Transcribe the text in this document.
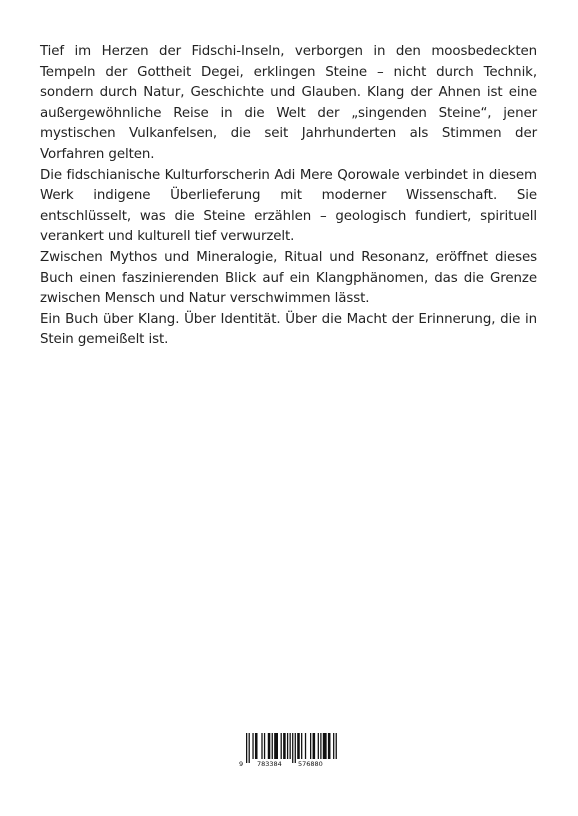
Tief im Herzen der Fidschi-Inseln, verborgen in den moosbedeckten Tempeln der Gottheit Degei, erklingen Steine – nicht durch Technik, sondern durch Natur, Geschichte und Glauben. Klang der Ahnen ist eine außergewöhnliche Reise in die Welt der „singenden Steine“, jener mystischen Vulkanfelsen, die seit Jahrhunderten als Stimmen der Vorfahren gelten.

Die fidschianische Kulturforscherin Adi Mere Qorowale verbindet in diesem Werk indigene Überlieferung mit moderner Wissenschaft. Sie entschlüsselt, was die Steine erzählen – geologisch fundiert, spirituell verankert und kulturell tief verwurzelt.

Zwischen Mythos und Mineralogie, Ritual und Resonanz, eröffnet dieses Buch einen faszinierenden Blick auf ein Klangphänomen, das die Grenze zwischen Mensch und Natur verschwimmen lässt.

Ein Buch über Klang. Über Identität. Über die Macht der Erinnerung, die in Stein gemeißelt ist.

9 783384 576880
